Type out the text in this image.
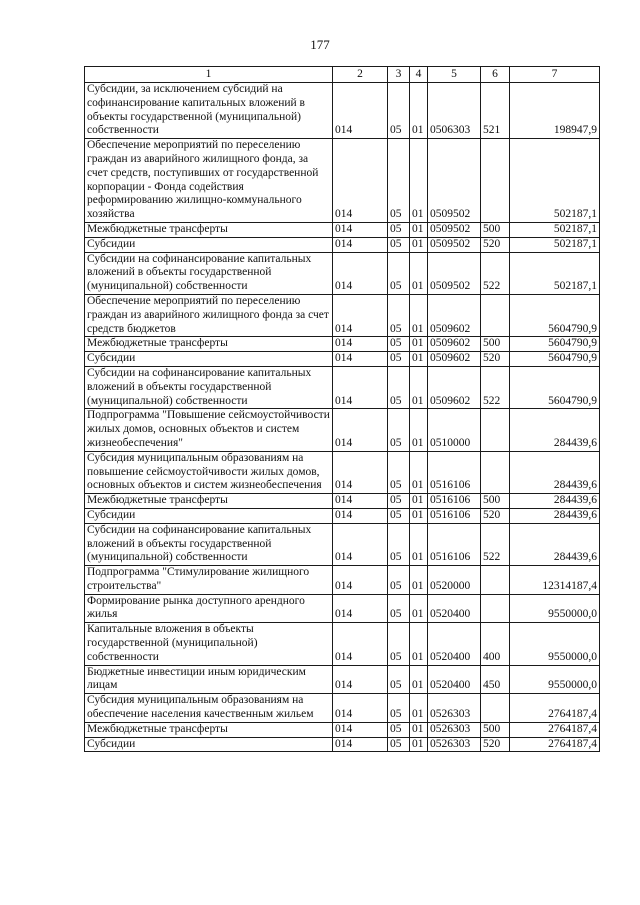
177
1	2	3	4	5	6	7
Субсидии, за исключением субсидий на софинансирование капитальных вложений в объекты государственной (муниципальной) собственности	014	05	01	0506303	521	198947,9
Обеспечение мероприятий по переселению граждан из аварийного жилищного фонда, за счет средств, поступивших от государственной корпорации - Фонда содействия реформированию жилищно-коммунального хозяйства	014	05	01	0509502		502187,1
Межбюджетные трансферты	014	05	01	0509502	500	502187,1
Субсидии	014	05	01	0509502	520	502187,1
Субсидии на софинансирование капитальных вложений в объекты государственной (муниципальной) собственности	014	05	01	0509502	522	502187,1
Обеспечение мероприятий по переселению граждан из аварийного жилищного фонда за счет средств бюджетов	014	05	01	0509602		5604790,9
Межбюджетные трансферты	014	05	01	0509602	500	5604790,9
Субсидии	014	05	01	0509602	520	5604790,9
Субсидии на софинансирование капитальных вложений в объекты государственной (муниципальной) собственности	014	05	01	0509602	522	5604790,9
Подпрограмма "Повышение сейсмоустойчивости жилых домов, основных объектов и систем жизнеобеспечения"	014	05	01	0510000		284439,6
Субсидия муниципальным образованиям на повышение сейсмоустойчивости жилых домов, основных объектов и систем жизнеобеспечения	014	05	01	0516106		284439,6
Межбюджетные трансферты	014	05	01	0516106	500	284439,6
Субсидии	014	05	01	0516106	520	284439,6
Субсидии на софинансирование капитальных вложений в объекты государственной (муниципальной) собственности	014	05	01	0516106	522	284439,6
Подпрограмма "Стимулирование жилищного строительства"	014	05	01	0520000		12314187,4
Формирование рынка доступного арендного жилья	014	05	01	0520400		9550000,0
Капитальные вложения в объекты государственной (муниципальной) собственности	014	05	01	0520400	400	9550000,0
Бюджетные инвестиции иным юридическим лицам	014	05	01	0520400	450	9550000,0
Субсидия муниципальным образованиям на обеспечение населения качественным жильем	014	05	01	0526303		2764187,4
Межбюджетные трансферты	014	05	01	0526303	500	2764187,4
Субсидии	014	05	01	0526303	520	2764187,4
